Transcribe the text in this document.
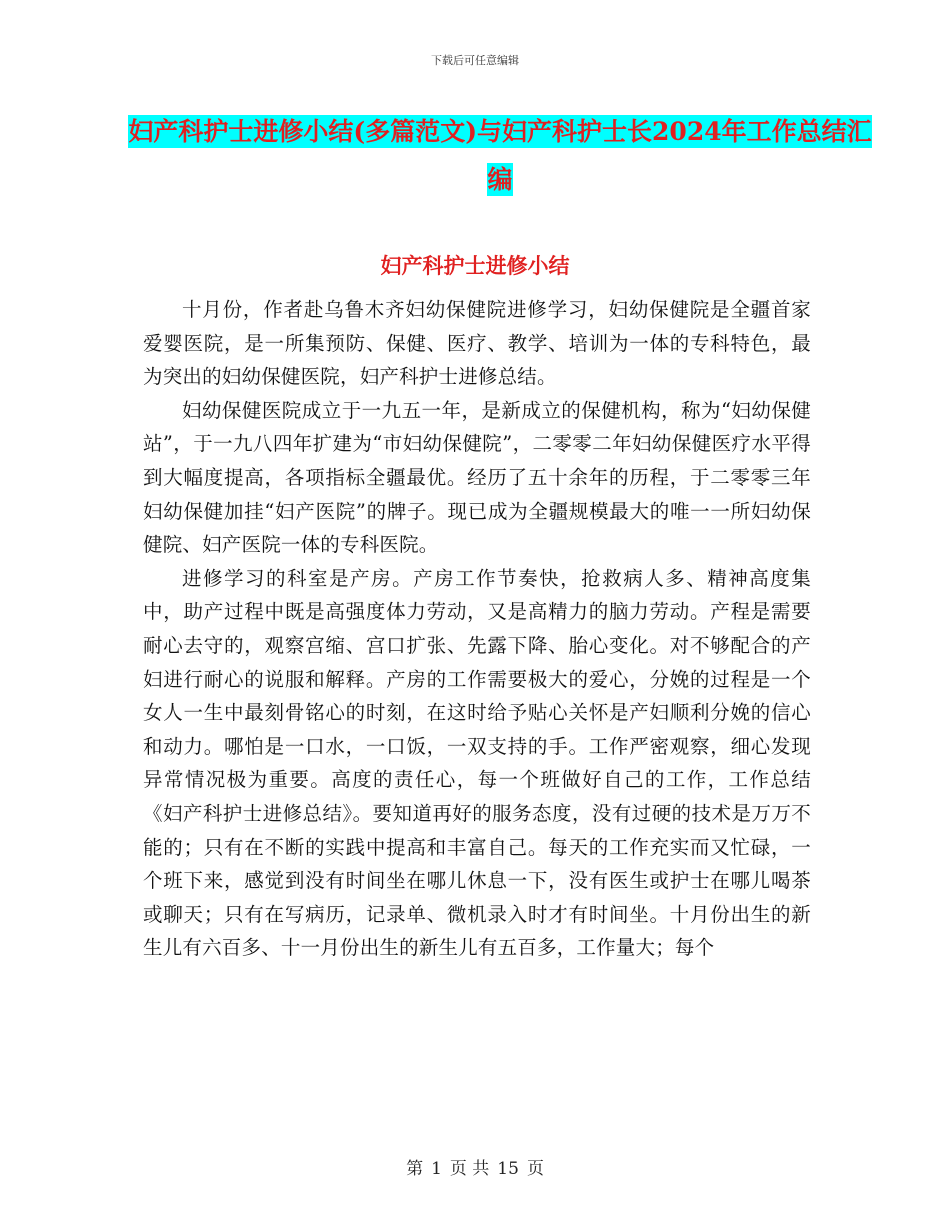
下载后可任意编辑
妇产科护士进修小结(多篇范文)与妇产科护士长2024年工作总结汇编
妇产科护士进修小结

十月份，作者赴乌鲁木齐妇幼保健院进修学习，妇幼保健院是全疆首家爱婴医院，是一所集预防、保健、医疗、教学、培训为一体的专科特色，最为突出的妇幼保健医院，妇产科护士进修总结。

妇幼保健医院成立于一九五一年，是新成立的保健机构，称为“妇幼保健站”，于一九八四年扩建为“市妇幼保健院”，二零零二年妇幼保健医疗水平得到大幅度提高，各项指标全疆最优。经历了五十余年的历程，于二零零三年妇幼保健加挂“妇产医院”的牌子。现已成为全疆规模最大的唯一一所妇幼保健院、妇产医院一体的专科医院。

进修学习的科室是产房。产房工作节奏快，抢救病人多、精神高度集中，助产过程中既是高强度体力劳动，又是高精力的脑力劳动。产程是需要耐心去守的，观察宫缩、宫口扩张、先露下降、胎心变化。对不够配合的产妇进行耐心的说服和解释。产房的工作需要极大的爱心，分娩的过程是一个女人一生中最刻骨铭心的时刻，在这时给予贴心关怀是产妇顺利分娩的信心和动力。哪怕是一口水，一口饭，一双支持的手。工作严密观察，细心发现异常情况极为重要。高度的责任心，每一个班做好自己的工作，工作总结《妇产科护士进修总结》。要知道再好的服务态度，没有过硬的技术是万万不能的；只有在不断的实践中提高和丰富自己。每天的工作充实而又忙碌，一个班下来，感觉到没有时间坐在哪儿休息一下，没有医生或护士在哪儿喝茶或聊天；只有在写病历，记录单、微机录入时才有时间坐。十月份出生的新生儿有六百多、十一月份出生的新生儿有五百多，工作量大；每个

第 1 页 共 15 页
